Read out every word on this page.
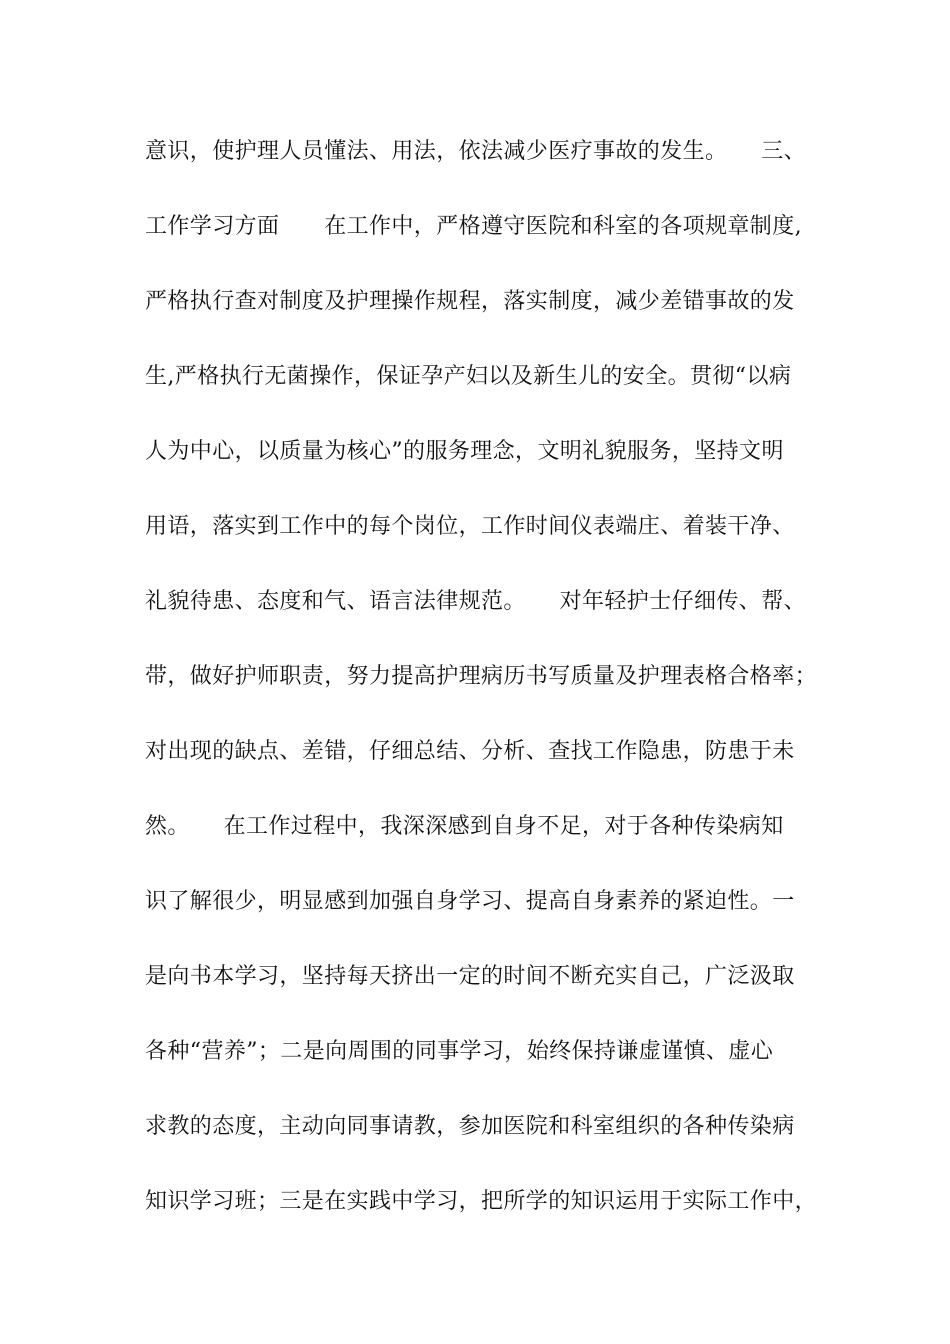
意识，使护理人员懂法、用法，依法减少医疗事故的发生。　　三、
工作学习方面　　在工作中，严格遵守医院和科室的各项规章制度,
严格执行查对制度及护理操作规程，落实制度，减少差错事故的发
生,严格执行无菌操作，保证孕产妇以及新生儿的安全。贯彻“以病
人为中心，以质量为核心”的服务理念，文明礼貌服务，坚持文明
用语，落实到工作中的每个岗位，工作时间仪表端庄、着装干净、
礼貌待患、态度和气、语言法律规范。　　对年轻护士仔细传、帮、
带，做好护师职责，努力提高护理病历书写质量及护理表格合格率；
对出现的缺点、差错，仔细总结、分析、查找工作隐患，防患于未
然。　　在工作过程中，我深深感到自身不足，对于各种传染病知
识了解很少，明显感到加强自身学习、提高自身素养的紧迫性。一
是向书本学习，坚持每天挤出一定的时间不断充实自己，广泛汲取
各种“营养”；二是向周围的同事学习，始终保持谦虚谨慎、虚心
求教的态度，主动向同事请教，参加医院和科室组织的各种传染病
知识学习班；三是在实践中学习，把所学的知识运用于实际工作中，
